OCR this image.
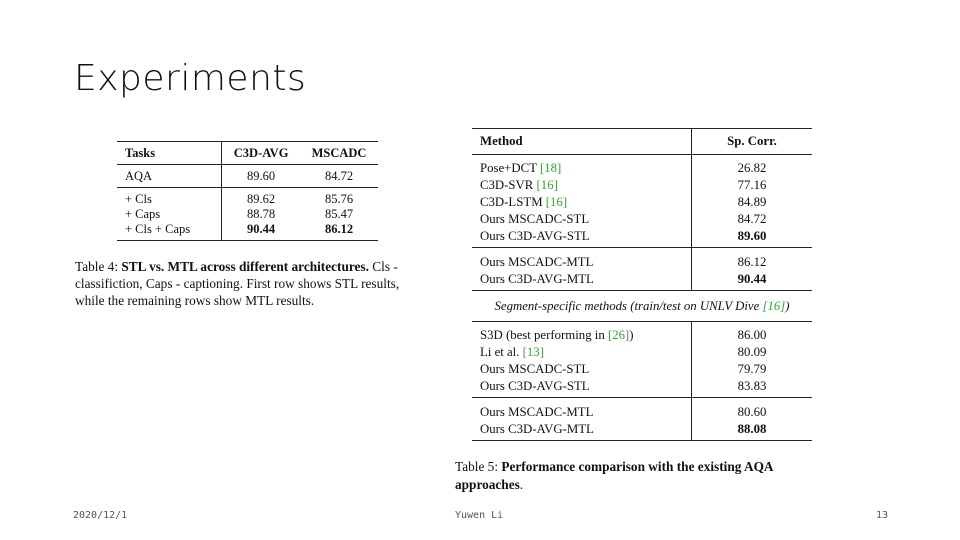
Experiments
Tasks	C3D-AVG	MSCADC
AQA	89.60	84.72
+ Cls	89.62	85.76
+ Caps	88.78	85.47
+ Cls + Caps	90.44	86.12
Table 4: STL vs. MTL across different architectures. Cls - classifiction, Caps - captioning. First row shows STL results, while the remaining rows show MTL results.
Method	Sp. Corr.
Pose+DCT [18]	26.82
C3D-SVR [16]	77.16
C3D-LSTM [16]	84.89
Ours MSCADC-STL	84.72
Ours C3D-AVG-STL	89.60
Ours MSCADC-MTL	86.12
Ours C3D-AVG-MTL	90.44
Segment-specific methods (train/test on UNLV Dive [16])	
S3D (best performing in [26])	86.00
Li et al. [13]	80.09
Ours MSCADC-STL	79.79
Ours C3D-AVG-STL	83.83
Ours MSCADC-MTL	80.60
Ours C3D-AVG-MTL	88.08
Table 5: Performance comparison with the existing AQA approaches.
2020/12/1	Yuwen Li	13
